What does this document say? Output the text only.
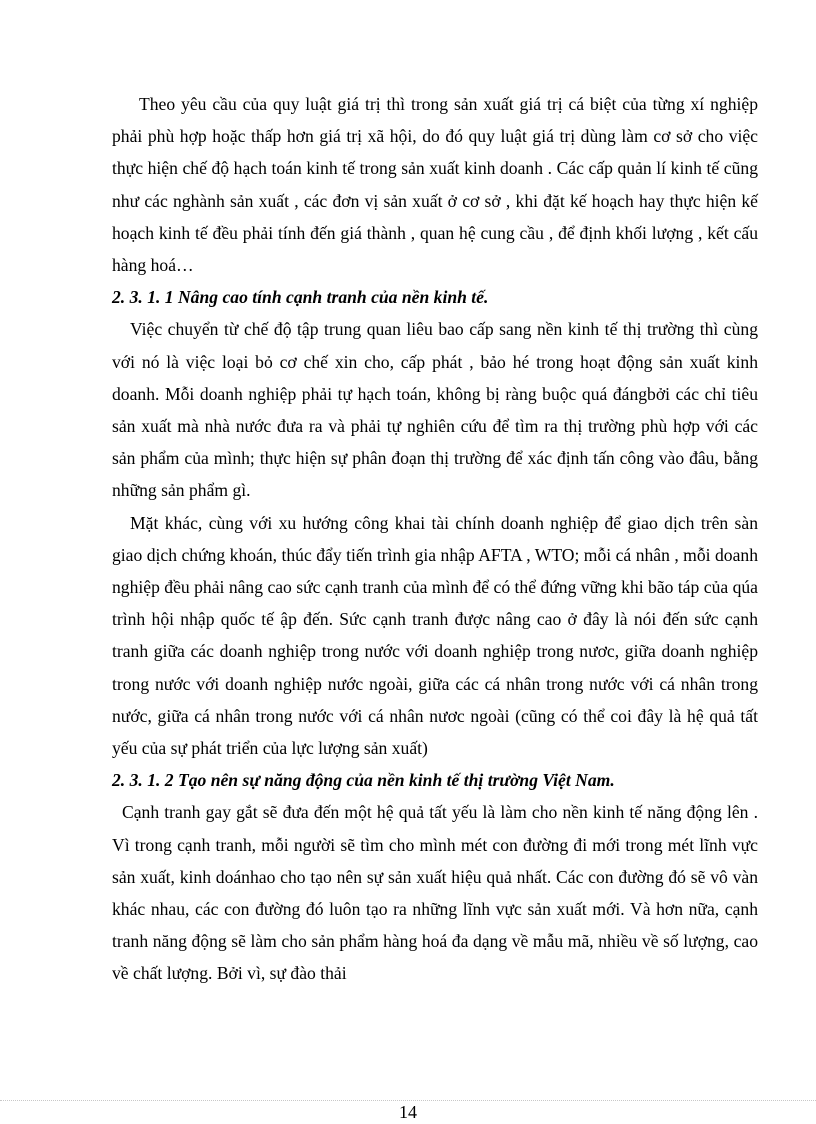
Theo yêu cầu của quy luật giá trị thì trong sản xuất giá trị cá biệt của từng xí nghiệp phải phù hợp hoặc thấp hơn giá trị xã hội, do đó quy luật giá trị dùng làm cơ sở cho việc thực hiện chế độ hạch toán kinh tế trong sản xuất kinh doanh . Các cấp quản lí kinh tế cũng như các nghành sản xuất , các đơn vị sản xuất ở cơ sở , khi đặt kế hoạch hay thực hiện kế hoạch kinh tế đều phải tính đến giá thành , quan hệ cung cầu , để định khối lượng , kết cấu hàng hoá…

2. 3. 1. 1 Nâng cao tính cạnh tranh của nền kinh tế.

Việc chuyển từ chế độ tập trung quan liêu bao cấp sang nền kinh tế thị trường thì cùng với nó là việc loại bỏ cơ chế xin cho, cấp phát , bảo hé trong hoạt động sản xuất kinh doanh. Mỗi doanh nghiệp phải tự hạch toán, không bị ràng buộc quá đángbởi các chỉ tiêu sản xuất mà nhà nước đưa ra và phải tự nghiên cứu để tìm ra thị trường phù hợp với các sản phẩm của mình; thực hiện sự phân đoạn thị trường để xác định tấn công vào đâu, bằng những sản phẩm gì.

Mặt khác, cùng với xu hướng công khai tài chính doanh nghiệp để giao dịch trên sàn giao dịch chứng khoán, thúc đẩy tiến trình gia nhập AFTA , WTO; mỗi cá nhân , mỗi doanh nghiệp đều phải nâng cao sức cạnh tranh của mình để có thể đứng vững khi bão táp của qúa trình hội nhập quốc tế ập đến. Sức cạnh tranh được nâng cao ở đây là nói đến sức cạnh tranh giữa các doanh nghiệp trong nước với doanh nghiệp trong nươc, giữa doanh nghiệp trong nước với doanh nghiệp nước ngoài, giữa các cá nhân trong nước với cá nhân trong nước, giữa cá nhân trong nước với cá nhân nươc ngoài (cũng có thể coi đây là hệ quả tất yếu của sự phát triển của lực lượng sản xuất)

2. 3. 1. 2 Tạo nên sự năng động của nền kinh tế thị trường Việt Nam.

Cạnh tranh gay gắt sẽ đưa đến một hệ quả tất yếu là làm cho nền kinh tế năng động lên . Vì trong cạnh tranh, mỗi người sẽ tìm cho mình mét con đường đi mới trong mét lĩnh vực sản xuất, kinh doánhao cho tạo nên sự sản xuất hiệu quả nhất. Các con đường đó sẽ vô vàn khác nhau, các con đường đó luôn tạo ra những lĩnh vực sản xuất mới. Và hơn nữa, cạnh tranh năng động sẽ làm cho sản phẩm hàng hoá đa dạng về mẫu mã, nhiều về số lượng, cao về chất lượng. Bởi vì, sự đào thải

14
